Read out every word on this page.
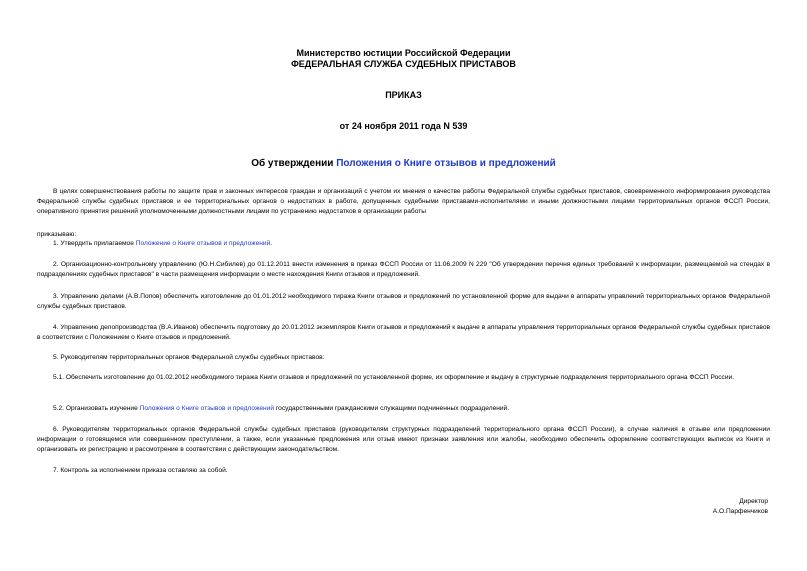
Министерство юстиции Российской Федерации
ФЕДЕРАЛЬНАЯ СЛУЖБА СУДЕБНЫХ ПРИСТАВОВ
ПРИКАЗ
от 24 ноября 2011 года N 539
Об утверждении Положения о Книге отзывов и предложений
В целях совершенствования работы по защите прав и законных интересов граждан и организаций с учетом их мнения о качестве работы Федеральной службы судебных приставов, своевременного информирования руководства Федеральной службы судебных приставов и ее территориальных органов о недостатках в работе, допущенных судебными приставами-исполнителями и иными должностными лицами территориальных органов ФССП России, оперативного принятия решений уполномоченными должностными лицами по устранению недостатков в организации работы
приказываю:
1. Утвердить прилагаемое Положение о Книге отзывов и предложений.
2. Организационно-контрольному управлению (Ю.Н.Сибилев) до 01.12.2011 внести изменения в приказ ФССП России от 11.06.2009 N 229 "Об утверждении перечня единых требований к информации, размещаемой на стендах в подразделениях судебных приставов" в части размещения информации о месте нахождения Книги отзывов и предложений.
3. Управлению делами (А.В.Попов) обеспечить изготовление до 01.01.2012 необходимого тиража Книги отзывов и предложений по установленной форме для выдачи в аппараты управлений территориальных органов Федеральной службы судебных приставов.
4. Управлению делопроизводства (В.А.Иванов) обеспечить подготовку до 20.01.2012 экземпляров Книги отзывов и предложений к выдаче в аппараты управления территориальных органов Федеральной службы судебных приставов в соответствии с Положением о Книге отзывов и предложений.
5. Руководителям территориальных органов Федеральной службы судебных приставов:
5.1. Обеспечить изготовление до 01.02.2012 необходимого тиража Книги отзывов и предложений по установленной форме, их оформление и выдачу в структурные подразделения территориального органа ФССП России.
5.2. Организовать изучение Положения о Книге отзывов и предложений государственными гражданскими служащими подчиненных подразделений.
6. Руководителям территориальных органов Федеральной службы судебных приставов (руководителям структурных подразделений территориального органа ФССП России), в случае наличия в отзыве или предложении информации о готовящемся или совершенном преступлении, а также, если указанные предложения или отзыв имеют признаки заявления или жалобы, необходимо обеспечить оформление соответствующих выписок из Книги и организовать их регистрацию и рассмотрение в соответствии с действующим законодательством.
7. Контроль за исполнением приказа оставляю за собой.
Директор
А.О.Парфенчиков
